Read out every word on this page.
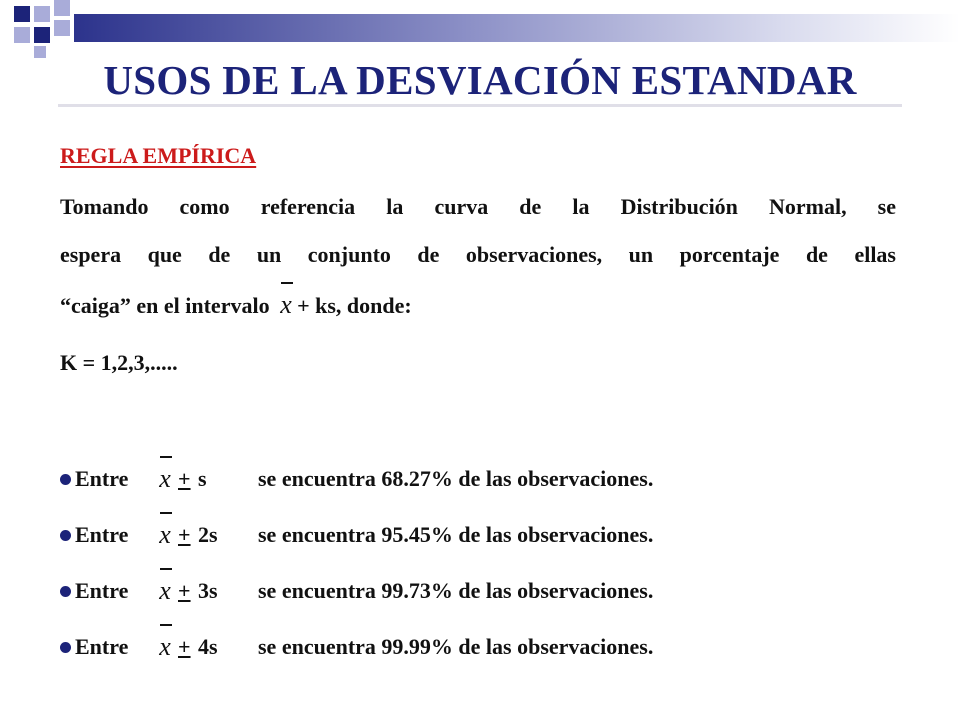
USOS DE LA DESVIACIÓN ESTANDAR
REGLA EMPÍRICA
Tomando como referencia la curva de la Distribución Normal, se
espera que de un conjunto de observaciones, un porcentaje de ellas
“caiga” en el intervalo x + ks, donde:
K = 1,2,3,.....
Entre x + s se encuentra 68.27% de las observaciones.
Entre x + 2s se encuentra 95.45% de las observaciones.
Entre x + 3s se encuentra 99.73% de las observaciones.
Entre x + 4s se encuentra 99.99% de las observaciones.
